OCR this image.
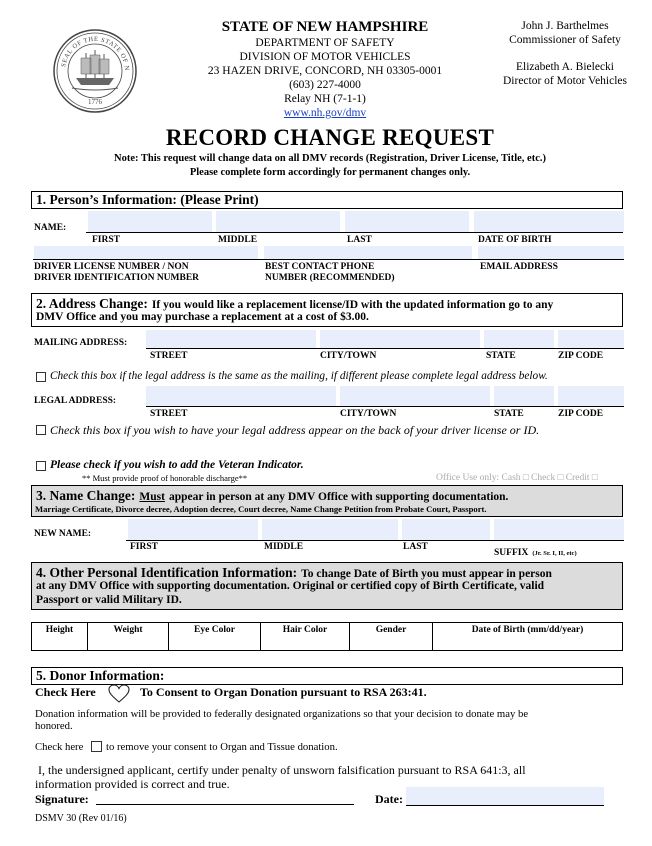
SEAL OF THE STATE OF N
1776
STATE OF NEW HAMPSHIRE
DEPARTMENT OF SAFETY
DIVISION OF MOTOR VEHICLES
23 HAZEN DRIVE, CONCORD, NH 03305-0001
(603) 227-4000
Relay NH (7-1-1)
www.nh.gov/dmv
John J. Barthelmes
Commissioner of Safety
Elizabeth A. Bielecki
Director of Motor Vehicles
RECORD CHANGE REQUEST
Note: This request will change data on all DMV records (Registration, Driver License, Title, etc.)
Please complete form accordingly for permanent changes only.
1. Person’s Information: (Please Print)
NAME:
FIRST	MIDDLE	LAST	DATE OF BIRTH
DRIVER LICENSE NUMBER / NON
DRIVER IDENTIFICATION NUMBER
BEST CONTACT PHONE
NUMBER (RECOMMENDED)
EMAIL ADDRESS
2. Address Change: If you would like a replacement license/ID with the updated information go to any
DMV Office and you may purchase a replacement at a cost of $3.00.
MAILING ADDRESS:
STREET	CITY/TOWN	STATE	ZIP CODE
Check this box if the legal address is the same as the mailing, if different please complete legal address below.
LEGAL ADDRESS:
STREET	CITY/TOWN	STATE	ZIP CODE
Check this box if you wish to have your legal address appear on the back of your driver license or ID.
Please check if you wish to add the Veteran Indicator.
** Must provide proof of honorable discharge**	Office Use only: Cash □ Check □ Credit □
3. Name Change: Must appear in person at any DMV Office with supporting documentation.
Marriage Certificate, Divorce decree, Adoption decree, Court decree, Name Change Petition from Probate Court, Passport.
NEW NAME:
FIRST	MIDDLE	LAST
SUFFIX (Jr. Sr. I, II, etc)
4. Other Personal Identification Information: To change Date of Birth you must appear in person
at any DMV Office with supporting documentation. Original or certified copy of Birth Certificate, valid
Passport or valid Military ID.
Height	Weight	Eye Color	Hair Color	Gender	Date of Birth (mm/dd/year)
5. Donor Information:
Check Here	To Consent to Organ Donation pursuant to RSA 263:41.
Donation information will be provided to federally designated organizations so that your decision to donate may be
honored.
Check here to remove your consent to Organ and Tissue donation.
I, the undersigned applicant, certify under penalty of unsworn falsification pursuant to RSA 641:3, all
information provided is correct and true.
Signature:	Date:
DSMV 30 (Rev 01/16)
